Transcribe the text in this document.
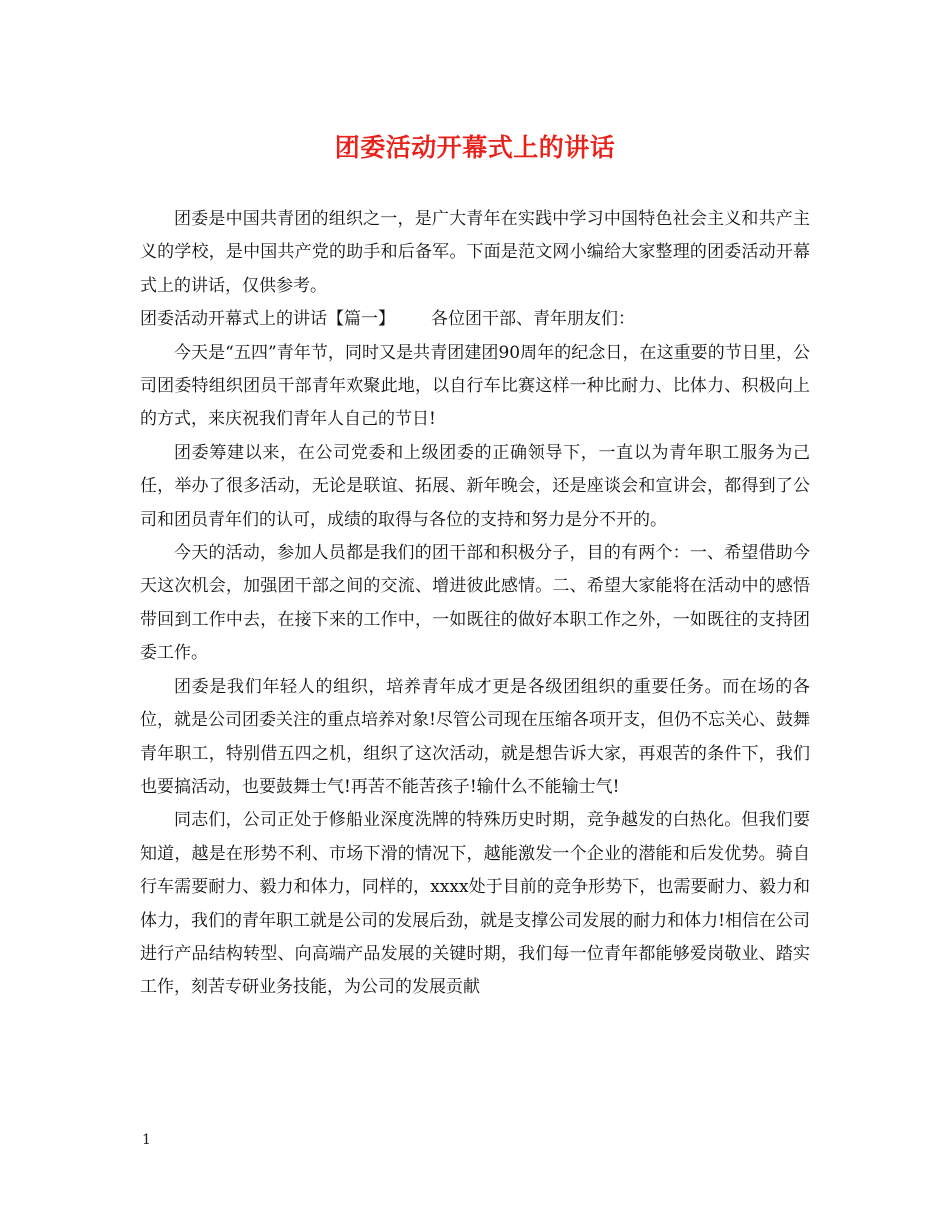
团委活动开幕式上的讲话

团委是中国共青团的组织之一，是广大青年在实践中学习中国特色社会主义和共产主义的学校，是中国共产党的助手和后备军。下面是范文网小编给大家整理的团委活动开幕式上的讲话，仅供参考。

团委活动开幕式上的讲话【篇一】 各位团干部、青年朋友们：

今天是“五四”青年节，同时又是共青团建团90周年的纪念日，在这重要的节日里，公司团委特组织团员干部青年欢聚此地，以自行车比赛这样一种比耐力、比体力、积极向上的方式，来庆祝我们青年人自己的节日!

团委筹建以来，在公司党委和上级团委的正确领导下，一直以为青年职工服务为己任，举办了很多活动，无论是联谊、拓展、新年晚会，还是座谈会和宣讲会，都得到了公司和团员青年们的认可，成绩的取得与各位的支持和努力是分不开的。

今天的活动，参加人员都是我们的团干部和积极分子，目的有两个：一、希望借助今天这次机会，加强团干部之间的交流、增进彼此感情。二、希望大家能将在活动中的感悟带回到工作中去，在接下来的工作中，一如既往的做好本职工作之外，一如既往的支持团委工作。

团委是我们年轻人的组织，培养青年成才更是各级团组织的重要任务。而在场的各位，就是公司团委关注的重点培养对象!尽管公司现在压缩各项开支，但仍不忘关心、鼓舞青年职工，特别借五四之机，组织了这次活动，就是想告诉大家，再艰苦的条件下，我们也要搞活动，也要鼓舞士气!再苦不能苦孩子!输什么不能输士气!

同志们，公司正处于修船业深度洗牌的特殊历史时期，竞争越发的白热化。但我们要知道，越是在形势不利、市场下滑的情况下，越能激发一个企业的潜能和后发优势。骑自行车需要耐力、毅力和体力，同样的，xxxx处于目前的竞争形势下，也需要耐力、毅力和体力，我们的青年职工就是公司的发展后劲，就是支撑公司发展的耐力和体力!相信在公司进行产品结构转型、向高端产品发展的关键时期，我们每一位青年都能够爱岗敬业、踏实工作，刻苦专研业务技能，为公司的发展贡献

1
